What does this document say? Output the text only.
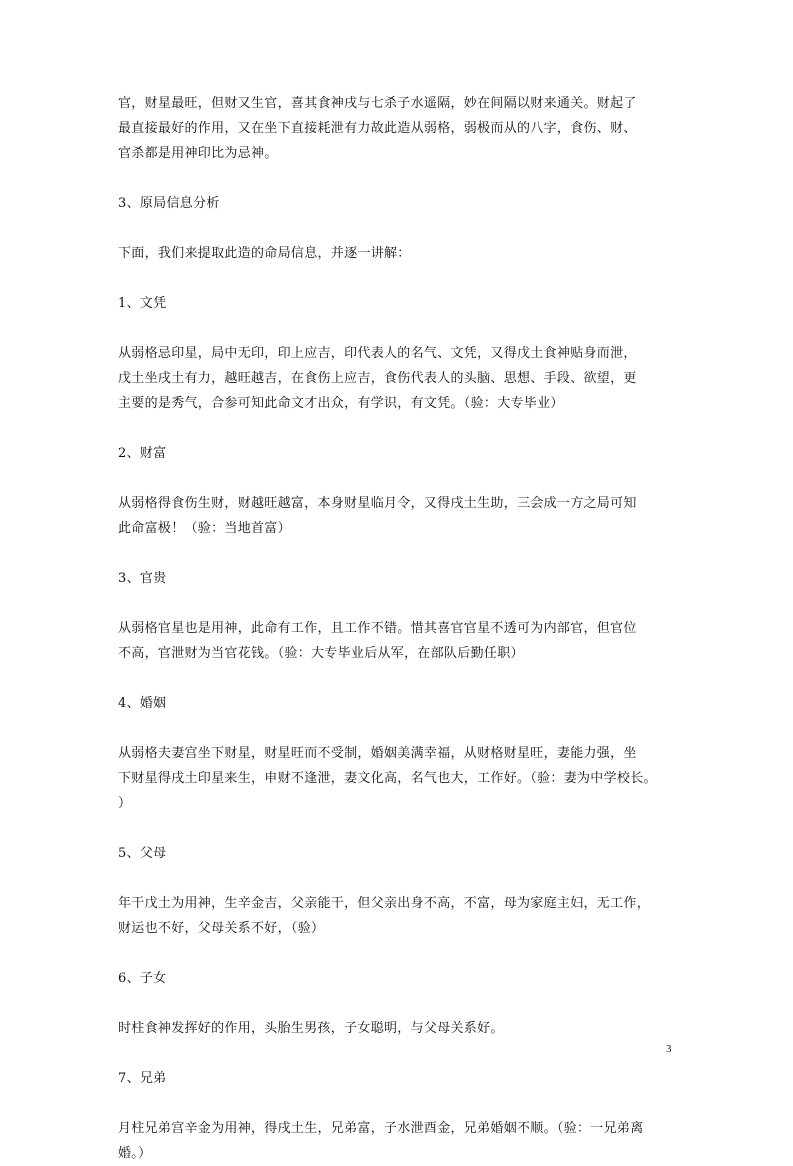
官，财星最旺，但财又生官，喜其食神戌与七杀子水遥隔，妙在间隔以财来通关。财起了
最直接最好的作用，又在坐下直接耗泄有力故此造从弱格，弱极而从的八字，食伤、财、
官杀都是用神印比为忌神。

3、原局信息分析

下面，我们来提取此造的命局信息，并逐一讲解：

1、文凭

从弱格忌印星，局中无印，印上应吉，印代表人的名气、文凭，又得戊土食神贴身而泄，
戊土坐戌土有力，越旺越吉，在食伤上应吉，食伤代表人的头脑、思想、手段、欲望，更
主要的是秀气，合参可知此命文才出众，有学识，有文凭。（验：大专毕业）

2、财富

从弱格得食伤生财，财越旺越富，本身财星临月令，又得戌土生助，三会成一方之局可知
此命富极！（验：当地首富）

3、官贵

从弱格官星也是用神，此命有工作，且工作不错。惜其喜官官星不透可为内部官，但官位
不高，官泄财为当官花钱。（验：大专毕业后从军，在部队后勤任职）

4、婚姻

从弱格夫妻宫坐下财星，财星旺而不受制，婚姻美满幸福，从财格财星旺，妻能力强，坐
下财星得戌土印星来生，申财不逢泄，妻文化高，名气也大，工作好。（验：妻为中学校长。
）

5、父母

年干戊土为用神，生辛金吉，父亲能干，但父亲出身不高，不富，母为家庭主妇，无工作，
财运也不好，父母关系不好，（验）

6、子女

时柱食神发挥好的作用，头胎生男孩，子女聪明，与父母关系好。

7、兄弟

月柱兄弟宫辛金为用神，得戌土生，兄弟富，子水泄酉金，兄弟婚姻不顺。（验：一兄弟离
婚。）

3
